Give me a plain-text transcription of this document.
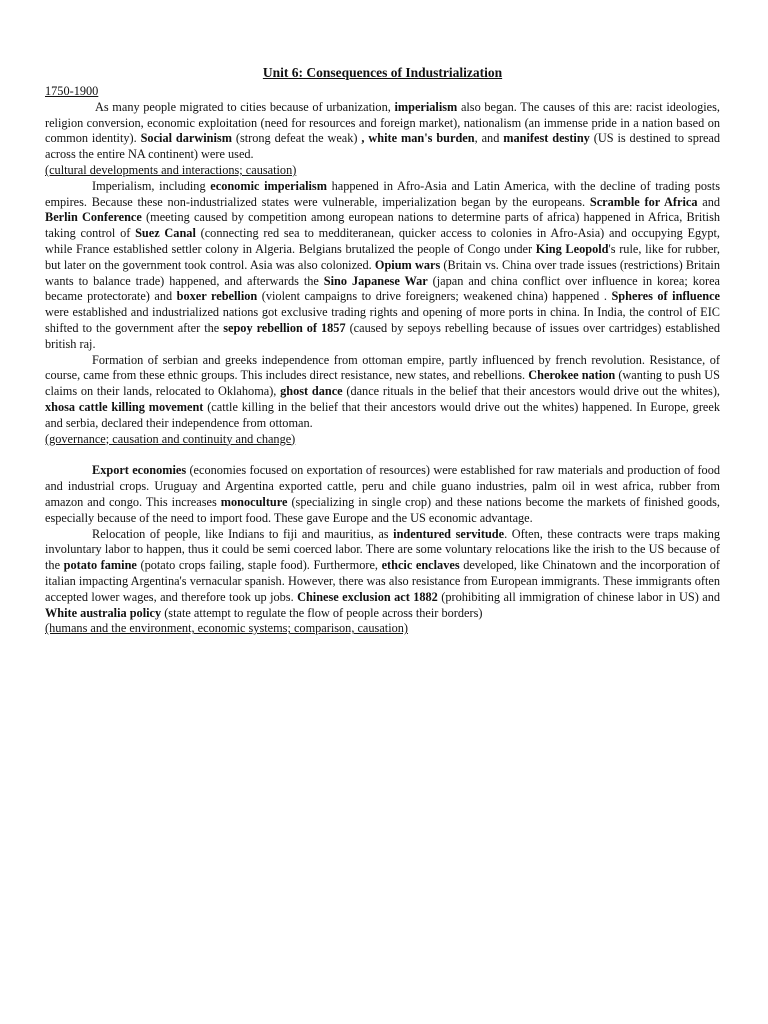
Unit 6: Consequences of Industrialization
1750-1900

As many people migrated to cities because of urbanization, imperialism also began. The causes of this are: racist ideologies, religion conversion, economic exploitation (need for resources and foreign market), nationalism (an immense pride in a nation based on common identity). Social darwinism (strong defeat the weak) , white man's burden, and manifest destiny (US is destined to spread across the entire NA continent) were used.

(cultural developments and interactions; causation)

Imperialism, including economic imperialism happened in Afro-Asia and Latin America, with the decline of trading posts empires. Because these non-industrialized states were vulnerable, imperialization began by the europeans. Scramble for Africa and Berlin Conference (meeting caused by competition among european nations to determine parts of africa) happened in Africa, British taking control of Suez Canal (connecting red sea to medditeranean, quicker access to colonies in Afro-Asia) and occupying Egypt, while France established settler colony in Algeria. Belgians brutalized the people of Congo under King Leopold's rule, like for rubber, but later on the government took control. Asia was also colonized. Opium wars (Britain vs. China over trade issues (restrictions) Britain wants to balance trade) happened, and afterwards the Sino Japanese War (japan and china conflict over influence in korea; korea became protectorate) and boxer rebellion (violent campaigns to drive foreigners; weakened china) happened . Spheres of influence were established and industrialized nations got exclusive trading rights and opening of more ports in china. In India, the control of EIC shifted to the government after the sepoy rebellion of 1857 (caused by sepoys rebelling because of issues over cartridges) established british raj.

Formation of serbian and greeks independence from ottoman empire, partly influenced by french revolution. Resistance, of course, came from these ethnic groups. This includes direct resistance, new states, and rebellions. Cherokee nation (wanting to push US claims on their lands, relocated to Oklahoma), ghost dance (dance rituals in the belief that their ancestors would drive out the whites), xhosa cattle killing movement (cattle killing in the belief that their ancestors would drive out the whites) happened. In Europe, greek and serbia, declared their independence from ottoman.

(governance; causation and continuity and change)

Export economies (economies focused on exportation of resources) were established for raw materials and production of food and industrial crops. Uruguay and Argentina exported cattle, peru and chile guano industries, palm oil in west africa, rubber from amazon and congo. This increases monoculture (specializing in single crop) and these nations become the markets of finished goods, especially because of the need to import food. These gave Europe and the US economic advantage.

Relocation of people, like Indians to fiji and mauritius, as indentured servitude. Often, these contracts were traps making involuntary labor to happen, thus it could be semi coerced labor. There are some voluntary relocations like the irish to the US because of the potato famine (potato crops failing, staple food). Furthermore, ethcic enclaves developed, like Chinatown and the incorporation of italian impacting Argentina's vernacular spanish. However, there was also resistance from European immigrants. These immigrants often accepted lower wages, and therefore took up jobs. Chinese exclusion act 1882 (prohibiting all immigration of chinese labor in US) and White australia policy (state attempt to regulate the flow of people across their borders)

(humans and the environment, economic systems; comparison, causation)
